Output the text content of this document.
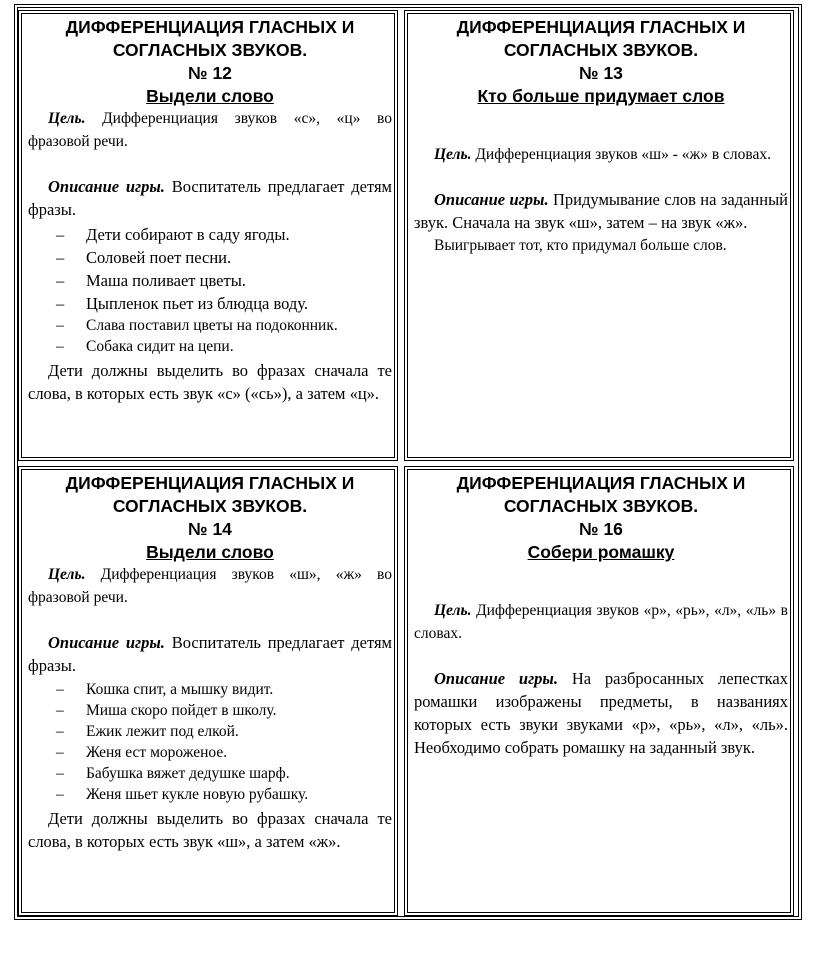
ДИФФЕРЕНЦИАЦИЯ ГЛАСНЫХ И СОГЛАСНЫХ ЗВУКОВ.
№ 12
Выдели слово

Цель. Дифференциация звуков «с», «ц» во фразовой речи.

Описание игры. Воспитатель предлагает детям фразы.

– Дети собирают в саду ягоды.
– Соловей поет песни.
– Маша поливает цветы.
– Цыпленок пьет из блюдца воду.
– Слава поставил цветы на подоконник.
– Собака сидит на цепи.

Дети должны выделить во фразах сначала те слова, в которых есть звук «с» («сь»), а затем «ц».

ДИФФЕРЕНЦИАЦИЯ ГЛАСНЫХ И СОГЛАСНЫХ ЗВУКОВ.
№ 13
Кто больше придумает слов

Цель. Дифференциация звуков «ш» - «ж» в словах.

Описание игры. Придумывание слов на заданный звук. Сначала на звук «ш», затем – на звук «ж».

Выигрывает тот, кто придумал больше слов.

ДИФФЕРЕНЦИАЦИЯ ГЛАСНЫХ И СОГЛАСНЫХ ЗВУКОВ.
№ 14
Выдели слово

Цель. Дифференциация звуков «ш», «ж» во фразовой речи.

Описание игры. Воспитатель предлагает детям фразы.

– Кошка спит, а мышку видит.
– Миша скоро пойдет в школу.
– Ежик лежит под елкой.
– Женя ест мороженое.
– Бабушка вяжет дедушке шарф.
– Женя шьет кукле новую рубашку.

Дети должны выделить во фразах сначала те слова, в которых есть звук «ш», а затем «ж».

ДИФФЕРЕНЦИАЦИЯ ГЛАСНЫХ И СОГЛАСНЫХ ЗВУКОВ.
№ 16
Собери ромашку

Цель. Дифференциация звуков «р», «рь», «л», «ль» в словах.

Описание игры. На разбросанных лепестках ромашки изображены предметы, в названиях которых есть звуки звуками «р», «рь», «л», «ль». Необходимо собрать ромашку на заданный звук.
